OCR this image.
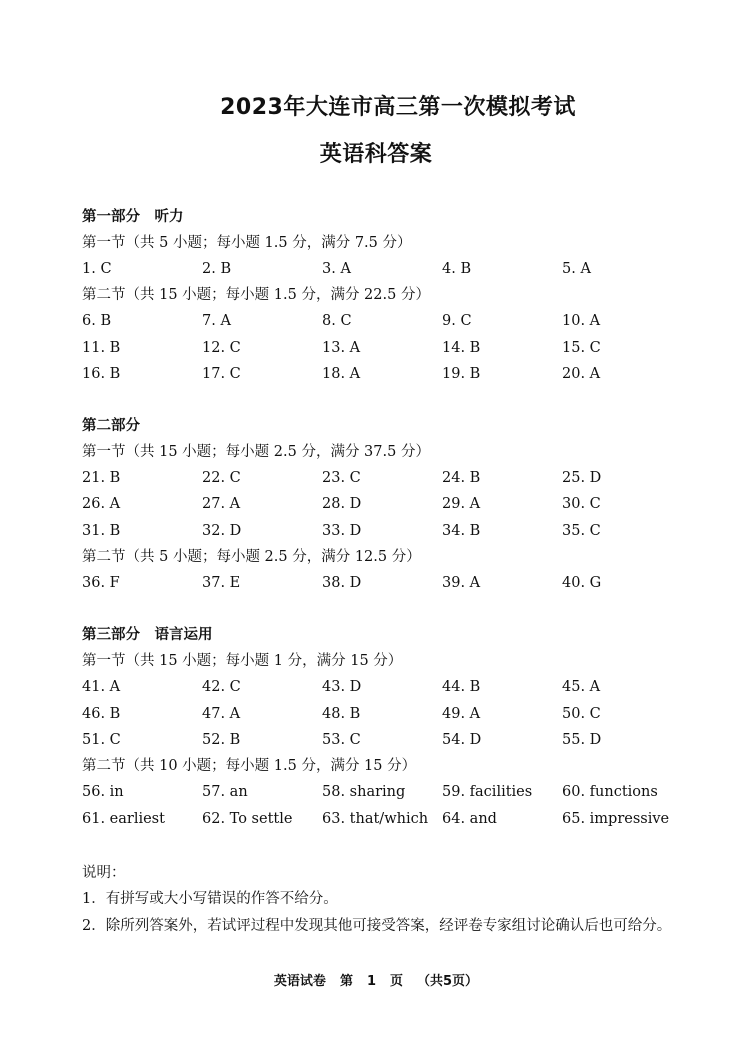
2023年大连市高三第一次模拟考试
英语科答案
第一部分　听力
第一节（共 5 小题；每小题 1.5 分，满分 7.5 分）
1. C	2. B	3. A	4. B	5. A
第二节（共 15 小题；每小题 1.5 分，满分 22.5 分）
6. B	7. A	8. C	9. C	10. A
11. B	12. C	13. A	14. B	15. C
16. B	17. C	18. A	19. B	20. A
第二部分
第一节（共 15 小题；每小题 2.5 分，满分 37.5 分）
21. B	22. C	23. C	24. B	25. D
26. A	27. A	28. D	29. A	30. C
31. B	32. D	33. D	34. B	35. C
第二节（共 5 小题；每小题 2.5 分，满分 12.5 分）
36. F	37. E	38. D	39. A	40. G
第三部分　语言运用
第一节（共 15 小题；每小题 1 分，满分 15 分）
41. A	42. C	43. D	44. B	45. A
46. B	47. A	48. B	49. A	50. C
51. C	52. B	53. C	54. D	55. D
第二节（共 10 小题；每小题 1.5 分，满分 15 分）
56. in	57. an	58. sharing	59. facilities	60. functions
61. earliest	62. To settle	63. that/which 64. and	65. impressive
说明：
1．有拼写或大小写错误的作答不给分。
2．除所列答案外，若试评过程中发现其他可接受答案，经评卷专家组讨论确认后也可给分。
英语试卷 第 1 页 （共5页）
